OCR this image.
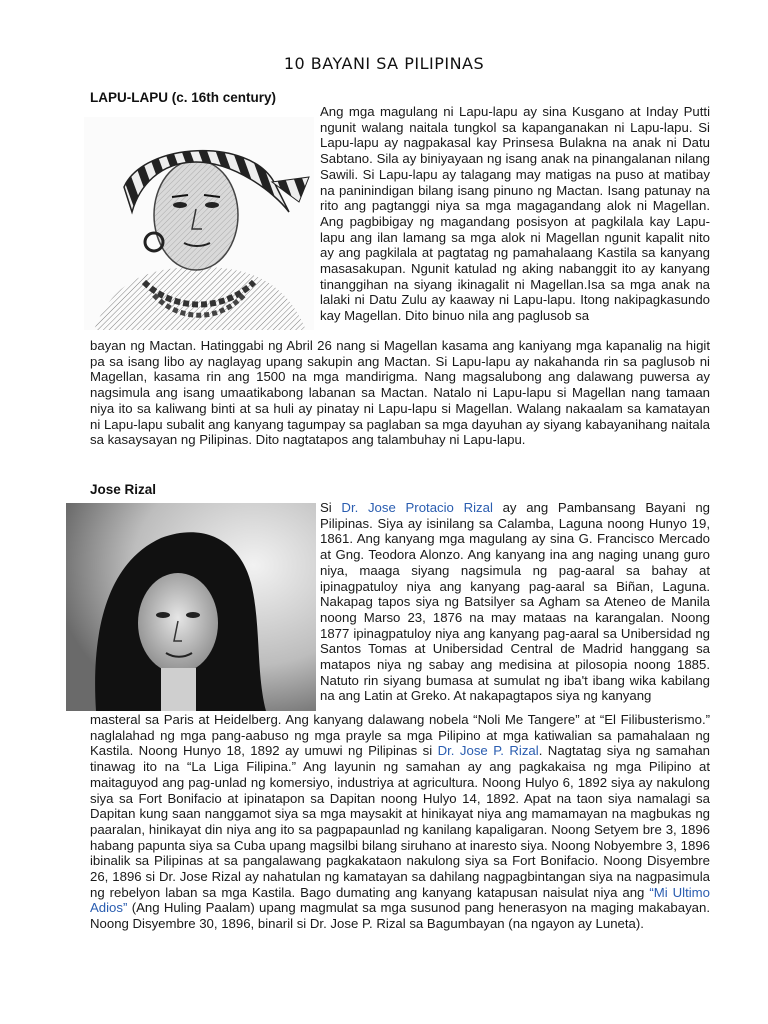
10 BAYANI SA PILIPINAS
LAPU-LAPU (c. 16th century)

Ang mga magulang ni Lapu-lapu ay sina Kusgano at Inday Putti ngunit walang naitala tungkol sa kapanganakan ni Lapu-lapu. Si Lapu-lapu ay nagpakasal kay Prinsesa Bulakna na anak ni Datu Sabtano. Sila ay biniyayaan ng isang anak na pinangalanan nilang Sawili. Si Lapu-lapu ay talagang may matigas na puso at matibay na paninindigan bilang isang pinuno ng Mactan. Isang patunay na rito ang pagtanggi niya sa mga magagandang alok ni Magellan. Ang pagbibigay ng magandang posisyon at pagkilala kay Lapu-lapu ang ilan lamang sa mga alok ni Magellan ngunit kapalit nito ay ang pagkilala at pagtatag ng pamahalaang Kastila sa kanyang masasakupan. Ngunit katulad ng aking nabanggit ito ay kanyang tinanggihan na siyang ikinagalit ni Magellan.Isa sa mga anak na lalaki ni Datu Zulu ay kaaway ni Lapu-lapu. Itong nakipagkasundo kay Magellan. Dito binuo nila ang paglusob sa

bayan ng Mactan. Hatinggabi ng Abril 26 nang si Magellan kasama ang kaniyang mga kapanalig na higit pa sa isang libo ay naglayag upang sakupin ang Mactan. Si Lapu-lapu ay nakahanda rin sa paglusob ni Magellan, kasama rin ang 1500 na mga mandirigma. Nang magsalubong ang dalawang puwersa ay nagsimula ang isang umaatikabong labanan sa Mactan. Natalo ni Lapu-lapu si Magellan nang tamaan niya ito sa kaliwang binti at sa huli ay pinatay ni Lapu-lapu si Magellan. Walang nakaalam sa kamatayan ni Lapu-lapu subalit ang kanyang tagumpay sa paglaban sa mga dayuhan ay siyang kabayanihang naitala sa kasaysayan ng Pilipinas. Dito nagtatapos ang talambuhay ni Lapu-lapu.

Jose Rizal

Si Dr. Jose Protacio Rizal ay ang Pambansang Bayani ng Pilipinas. Siya ay isinilang sa Calamba, Laguna noong Hunyo 19, 1861. Ang kanyang mga magulang ay sina G. Francisco Mercado at Gng. Teodora Alonzo. Ang kanyang ina ang naging unang guro niya, maaga siyang nagsimula ng pag-aaral sa bahay at ipinagpatuloy niya ang kanyang pag-aaral sa Biñan, Laguna. Nakapag tapos siya ng Batsilyer sa Agham sa Ateneo de Manila noong Marso 23, 1876 na may mataas na karangalan. Noong 1877 ipinagpatuloy niya ang kanyang pag-aaral sa Unibersidad ng Santos Tomas at Unibersidad Central de Madrid hanggang sa matapos niya ng sabay ang medisina at pilosopia noong 1885. Natuto rin siyang bumasa at sumulat ng iba't ibang wika kabilang na ang Latin at Greko. At nakapagtapos siya ng kanyang

masteral sa Paris at Heidelberg. Ang kanyang dalawang nobela “Noli Me Tangere” at “El Filibusterismo.” naglalahad ng mga pang-aabuso ng mga prayle sa mga Pilipino at mga katiwalian sa pamahalaan ng Kastila. Noong Hunyo 18, 1892 ay umuwi ng Pilipinas si Dr. Jose P. Rizal. Nagtatag siya ng samahan tinawag ito na “La Liga Filipina.” Ang layunin ng samahan ay ang pagkakaisa ng mga Pilipino at maitaguyod ang pag-unlad ng komersiyo, industriya at agricultura. Noong Hulyo 6, 1892 siya ay nakulong siya sa Fort Bonifacio at ipinatapon sa Dapitan noong Hulyo 14, 1892. Apat na taon siya namalagi sa Dapitan kung saan nanggamot siya sa mga maysakit at hinikayat niya ang mamamayan na magbukas ng paaralan, hinikayat din niya ang ito sa pagpapaunlad ng kanilang kapaligaran. Noong Setyem bre 3, 1896 habang papunta siya sa Cuba upang magsilbi bilang siruhano at inaresto siya. Noong Nobyembre 3, 1896 ibinalik sa Pilipinas at sa pangalawang pagkakataon nakulong siya sa Fort Bonifacio. Noong Disyembre 26, 1896 si Dr. Jose Rizal ay nahatulan ng kamatayan sa dahilang nagpagbintangan siya na nagpasimula ng rebelyon laban sa mga Kastila. Bago dumating ang kanyang katapusan naisulat niya ang “Mi Ultimo Adios” (Ang Huling Paalam) upang magmulat sa mga susunod pang henerasyon na maging makabayan. Noong Disyembre 30, 1896, binaril si Dr. Jose P. Rizal sa Bagumbayan (na ngayon ay Luneta).
